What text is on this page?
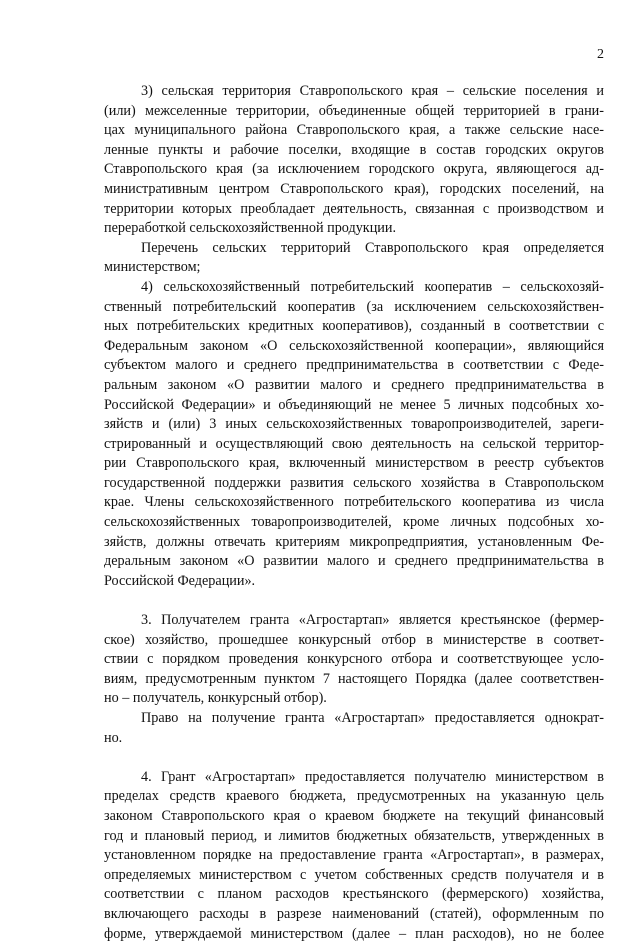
2
3) сельская территория Ставропольского края – сельские поселения и
(или) межселенные территории, объединенные общей территорией в грани-
цах муниципального района Ставропольского края, а также сельские насе-
ленные пункты и рабочие поселки, входящие в состав городских округов
Ставропольского края (за исключением городского округа, являющегося ад-
министративным центром Ставропольского края), городских поселений, на
территории которых преобладает деятельность, связанная с производством и
переработкой сельскохозяйственной продукции.
Перечень сельских территорий Ставропольского края определяется
министерством;
4) сельскохозяйственный потребительский кооператив – сельскохозяй-
ственный потребительский кооператив (за исключением сельскохозяйствен-
ных потребительских кредитных кооперативов), созданный в соответствии с
Федеральным законом «О сельскохозяйственной кооперации», являющийся
субъектом малого и среднего предпринимательства в соответствии с Феде-
ральным законом «О развитии малого и среднего предпринимательства в
Российской Федерации» и объединяющий не менее 5 личных подсобных хо-
зяйств и (или) 3 иных сельскохозяйственных товаропроизводителей, зареги-
стрированный и осуществляющий свою деятельность на сельской территор-
рии Ставропольского края, включенный министерством в реестр субъектов
государственной поддержки развития сельского хозяйства в Ставропольском
крае. Члены сельскохозяйственного потребительского кооператива из числа
сельскохозяйственных товаропроизводителей, кроме личных подсобных хо-
зяйств, должны отвечать критериям микропредприятия, установленным Фе-
деральным законом «О развитии малого и среднего предпринимательства в
Российской Федерации».
3. Получателем гранта «Агростартап» является крестьянское (фермер-
ское) хозяйство, прошедшее конкурсный отбор в министерстве в соответ-
ствии с порядком проведения конкурсного отбора и соответствующее усло-
виям, предусмотренным пунктом 7 настоящего Порядка (далее соответствен-
но – получатель, конкурсный отбор).
Право на получение гранта «Агростартап» предоставляется однократ-
но.
4. Грант «Агростартап» предоставляется получателю министерством в
пределах средств краевого бюджета, предусмотренных на указанную цель
законом Ставропольского края о краевом бюджете на текущий финансовый
год и плановый период, и лимитов бюджетных обязательств, утвержденных в
установленном порядке на предоставление гранта «Агростартап», в размерах,
определяемых министерством с учетом собственных средств получателя и в
соответствии с планом расходов крестьянского (фермерского) хозяйства,
включающего расходы в разрезе наименований (статей), оформленным по
форме, утверждаемой министерством (далее – план расходов), но не более
